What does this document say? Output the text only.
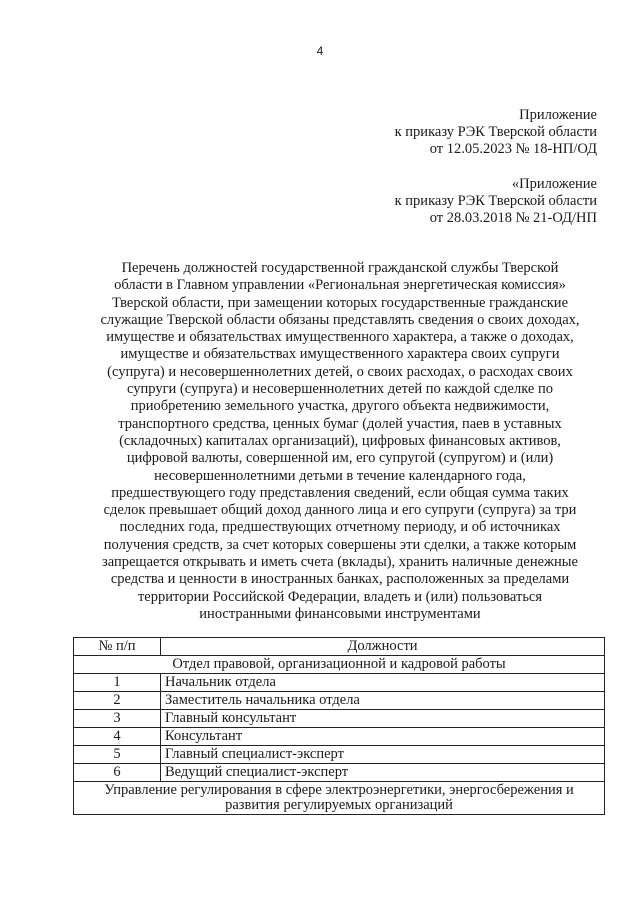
4
Приложение
к приказу РЭК Тверской области
от 12.05.2023 № 18-НП/ОД
«Приложение
к приказу РЭК Тверской области
от 28.03.2018 № 21-ОД/НП
Перечень должностей государственной гражданской службы Тверской
области в Главном управлении «Региональная энергетическая комиссия»
Тверской области, при замещении которых государственные гражданские
служащие Тверской области обязаны представлять сведения о своих доходах,
имуществе и обязательствах имущественного характера, а также о доходах,
имуществе и обязательствах имущественного характера своих супруги
(супруга) и несовершеннолетних детей, о своих расходах, о расходах своих
супруги (супруга) и несовершеннолетних детей по каждой сделке по
приобретению земельного участка, другого объекта недвижимости,
транспортного средства, ценных бумаг (долей участия, паев в уставных
(складочных) капиталах организаций), цифровых финансовых активов,
цифровой валюты, совершенной им, его супругой (супругом) и (или)
несовершеннолетними детьми в течение календарного года,
предшествующего году представления сведений, если общая сумма таких
сделок превышает общий доход данного лица и его супруги (супруга) за три
последних года, предшествующих отчетному периоду, и об источниках
получения средств, за счет которых совершены эти сделки, а также которым
запрещается открывать и иметь счета (вклады), хранить наличные денежные
средства и ценности в иностранных банках, расположенных за пределами
территории Российской Федерации, владеть и (или) пользоваться
иностранными финансовыми инструментами
№ п/п	Должности
Отдел правовой, организационной и кадровой работы	
1	Начальник отдела
2	Заместитель начальника отдела
3	Главный консультант
4	Консультант
5	Главный специалист-эксперт
6	Ведущий специалист-эксперт
Управление регулирования в сфере электроэнергетики, энергосбережения и
развития регулируемых организаций	
